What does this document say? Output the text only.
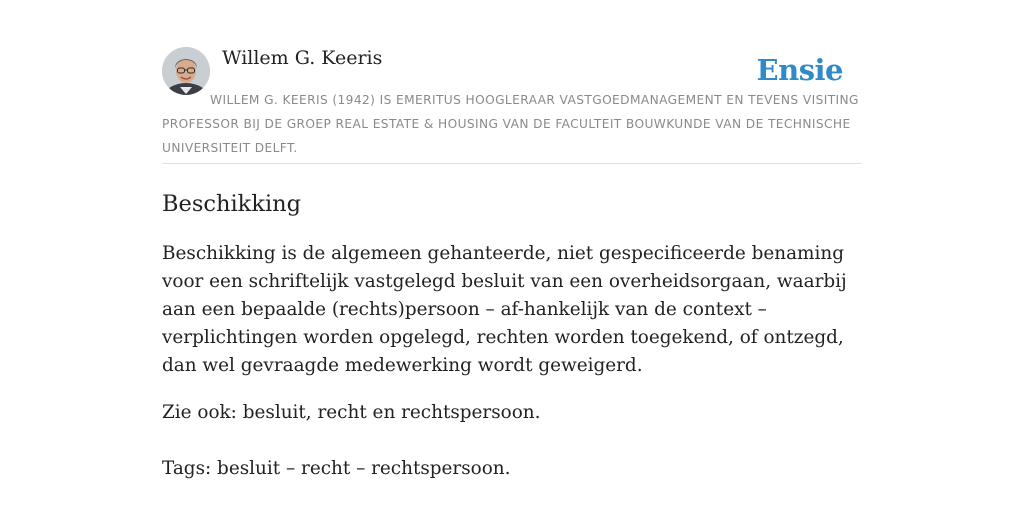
Willem G. Keeris	Ensie
WILLEM G. KEERIS (1942) IS EMERITUS HOOGLERAAR VASTGOEDMANAGEMENT EN TEVENS VISITING PROFESSOR BIJ DE GROEP REAL ESTATE & HOUSING VAN DE FACULTEIT BOUWKUNDE VAN DE TECHNISCHE UNIVERSITEIT DELFT.
Beschikking

Beschikking is de algemeen gehanteerde, niet gespecificeerde benaming voor een schriftelijk vastgelegd besluit van een overheidsorgaan, waarbij aan een bepaalde (rechts)persoon – af-hankelijk van de context – verplichtingen worden opgelegd, rechten worden toegekend, of ontzegd, dan wel gevraagde medewerking wordt geweigerd.

Zie ook: besluit, recht en rechtspersoon.

Tags: besluit – recht – rechtspersoon.
